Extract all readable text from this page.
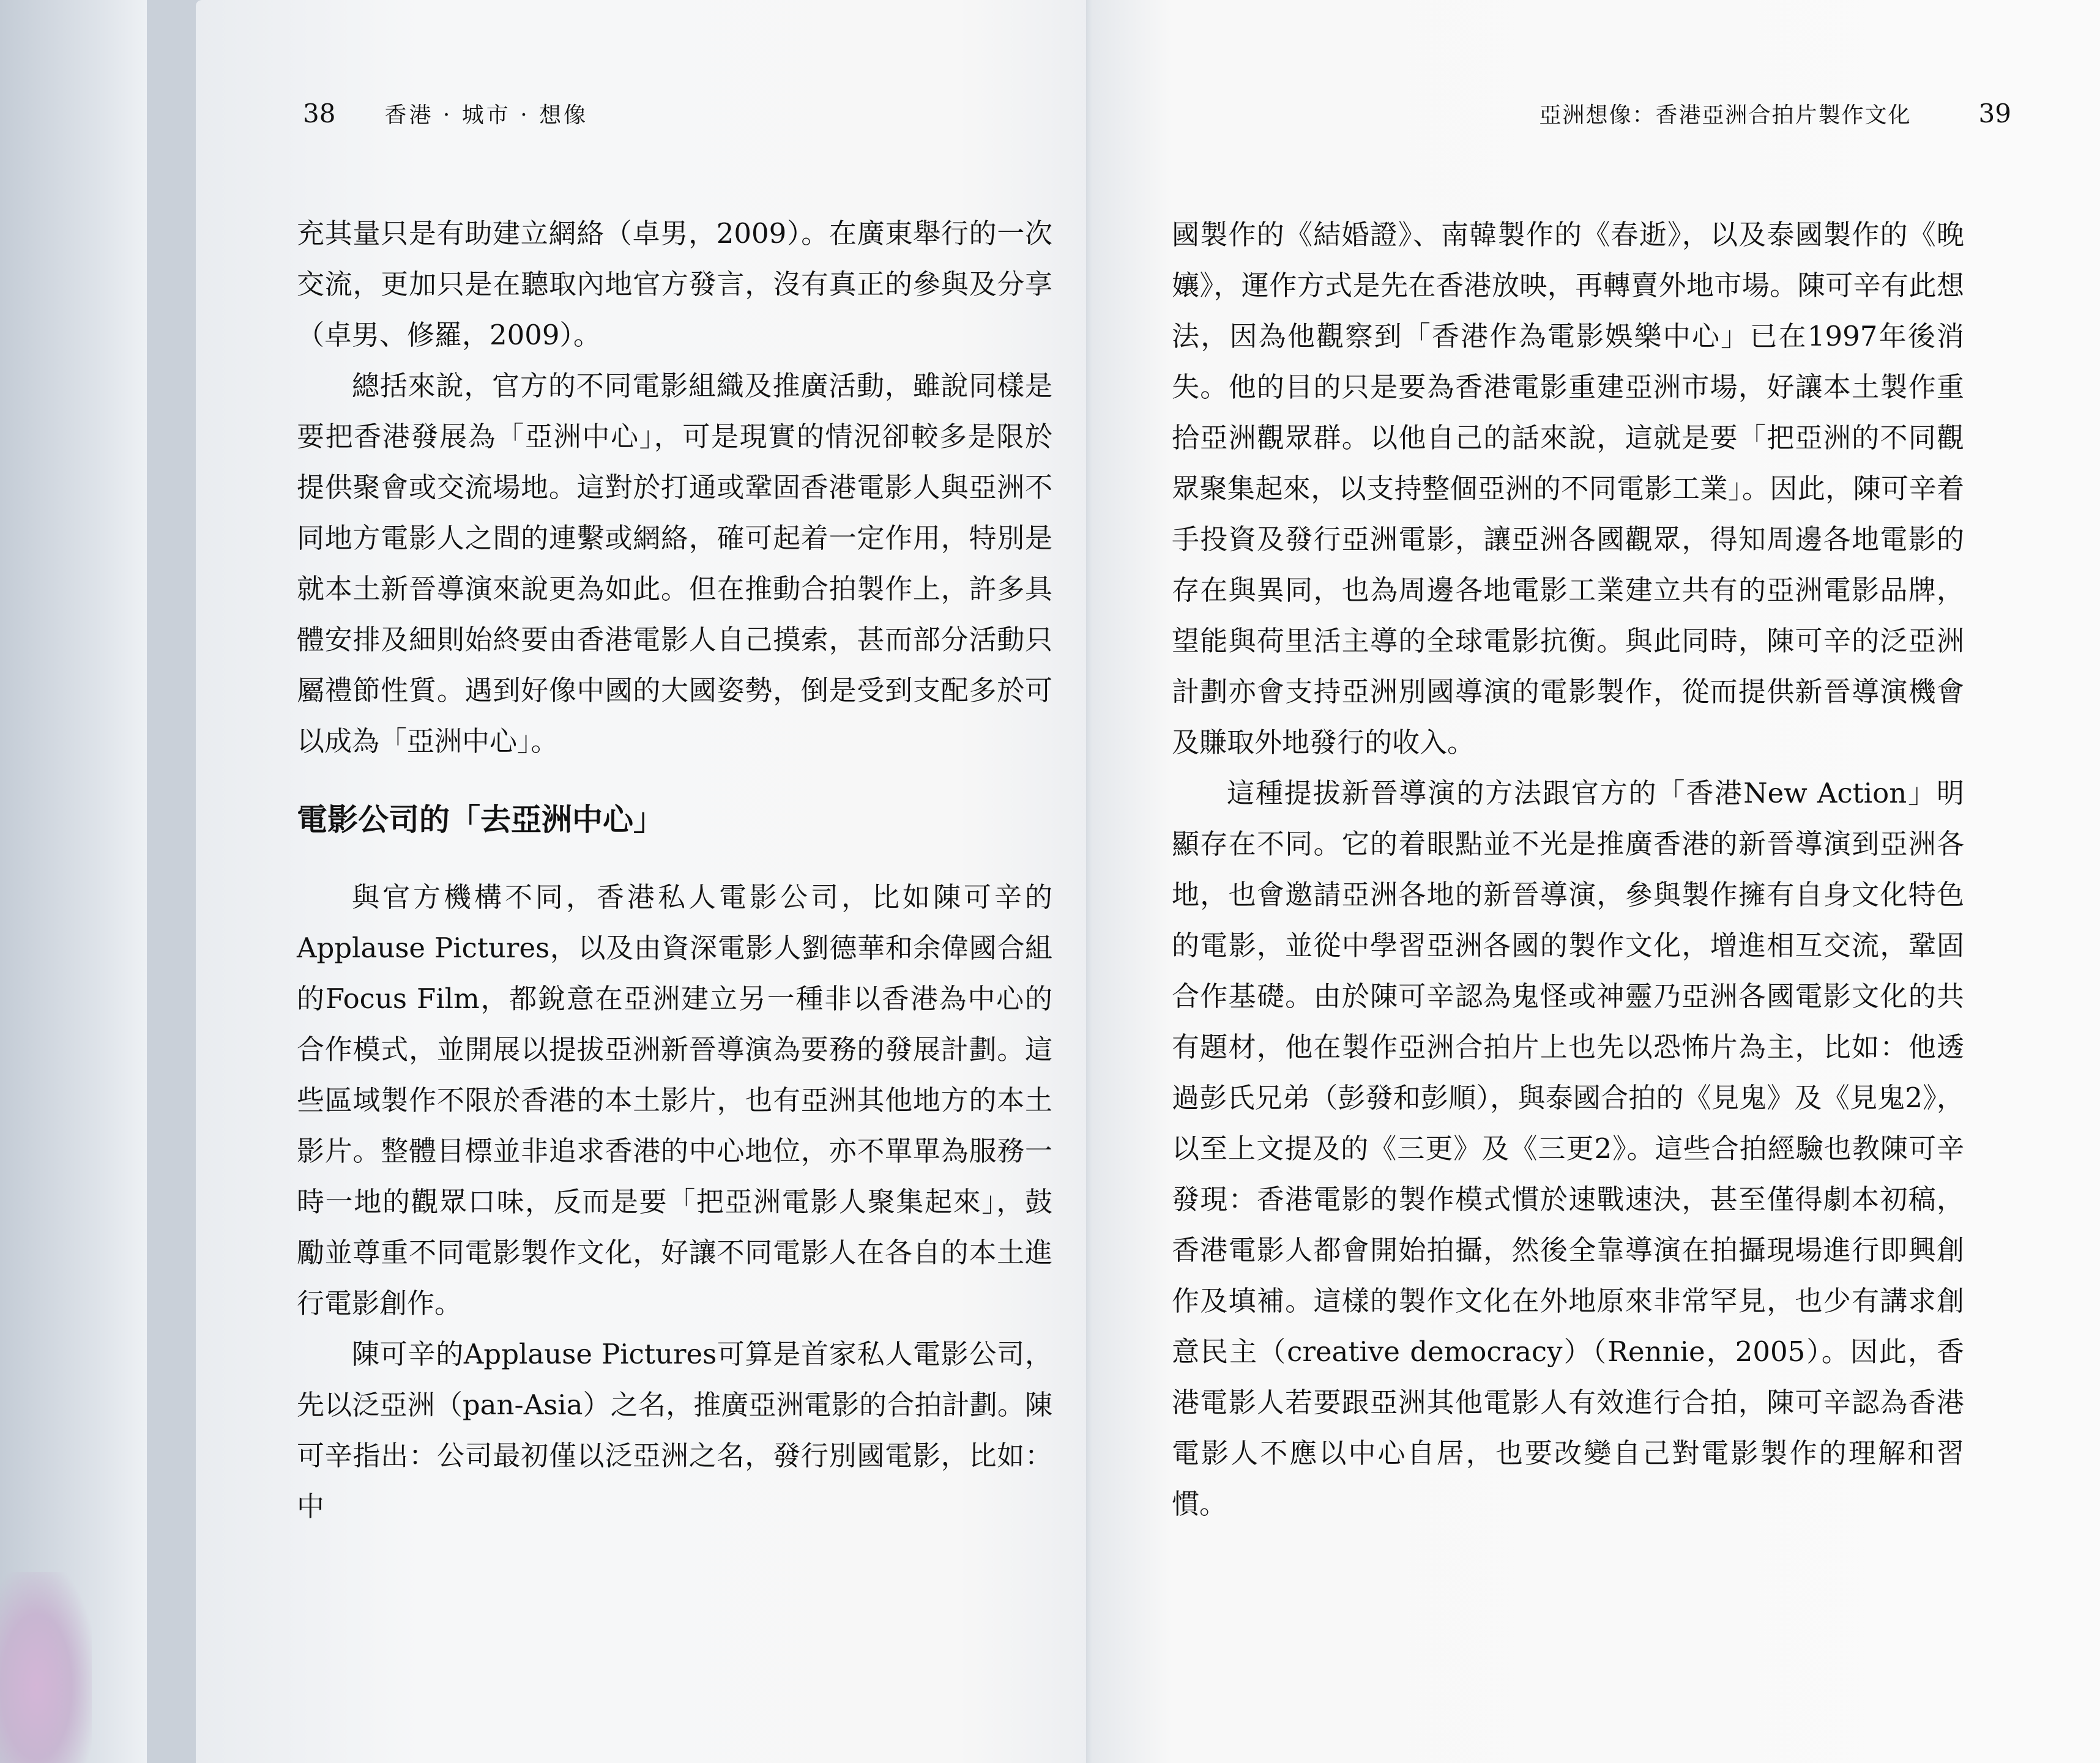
38 香港 · 城市 · 想像

充其量只是有助建立網絡（卓男，2009）。在廣東舉行的一次交流，更加只是在聽取內地官方發言，沒有真正的參與及分享（卓男、修羅，2009）。

總括來說，官方的不同電影組織及推廣活動，雖說同樣是要把香港發展為「亞洲中心」，可是現實的情況卻較多是限於提供聚會或交流場地。這對於打通或鞏固香港電影人與亞洲不同地方電影人之間的連繫或網絡，確可起着一定作用，特別是就本土新晉導演來說更為如此。但在推動合拍製作上，許多具體安排及細則始終要由香港電影人自己摸索，甚而部分活動只屬禮節性質。遇到好像中國的大國姿勢，倒是受到支配多於可以成為「亞洲中心」。

電影公司的「去亞洲中心」

與官方機構不同，香港私人電影公司，比如陳可辛的Applause Pictures，以及由資深電影人劉德華和余偉國合組的Focus Film，都銳意在亞洲建立另一種非以香港為中心的合作模式，並開展以提拔亞洲新晉導演為要務的發展計劃。這些區域製作不限於香港的本土影片，也有亞洲其他地方的本土影片。整體目標並非追求香港的中心地位，亦不單單為服務一時一地的觀眾口味，反而是要「把亞洲電影人聚集起來」，鼓勵並尊重不同電影製作文化，好讓不同電影人在各自的本土進行電影創作。

陳可辛的Applause Pictures可算是首家私人電影公司，先以泛亞洲（pan-Asia）之名，推廣亞洲電影的合拍計劃。陳可辛指出：公司最初僅以泛亞洲之名，發行別國電影，比如：中

亞洲想像：香港亞洲合拍片製作文化	39

國製作的《結婚證》、南韓製作的《春逝》，以及泰國製作的《晚孃》，運作方式是先在香港放映，再轉賣外地市場。陳可辛有此想法，因為他觀察到「香港作為電影娛樂中心」已在1997年後消失。他的目的只是要為香港電影重建亞洲市場，好讓本土製作重拾亞洲觀眾群。以他自己的話來說，這就是要「把亞洲的不同觀眾聚集起來，以支持整個亞洲的不同電影工業」。因此，陳可辛着手投資及發行亞洲電影，讓亞洲各國觀眾，得知周邊各地電影的存在與異同，也為周邊各地電影工業建立共有的亞洲電影品牌，望能與荷里活主導的全球電影抗衡。與此同時，陳可辛的泛亞洲計劃亦會支持亞洲別國導演的電影製作，從而提供新晉導演機會及賺取外地發行的收入。

這種提拔新晉導演的方法跟官方的「香港New Action」明顯存在不同。它的着眼點並不光是推廣香港的新晉導演到亞洲各地，也會邀請亞洲各地的新晉導演，參與製作擁有自身文化特色的電影，並從中學習亞洲各國的製作文化，增進相互交流，鞏固合作基礎。由於陳可辛認為鬼怪或神靈乃亞洲各國電影文化的共有題材，他在製作亞洲合拍片上也先以恐怖片為主，比如：他透過彭氏兄弟（彭發和彭順），與泰國合拍的《見鬼》及《見鬼2》，以至上文提及的《三更》及《三更2》。這些合拍經驗也教陳可辛發現：香港電影的製作模式慣於速戰速決，甚至僅得劇本初稿，香港電影人都會開始拍攝，然後全靠導演在拍攝現場進行即興創作及填補。這樣的製作文化在外地原來非常罕見，也少有講求創意民主（creative democracy）（Rennie，2005）。因此，香港電影人若要跟亞洲其他電影人有效進行合拍，陳可辛認為香港電影人不應以中心自居，也要改變自己對電影製作的理解和習慣。
